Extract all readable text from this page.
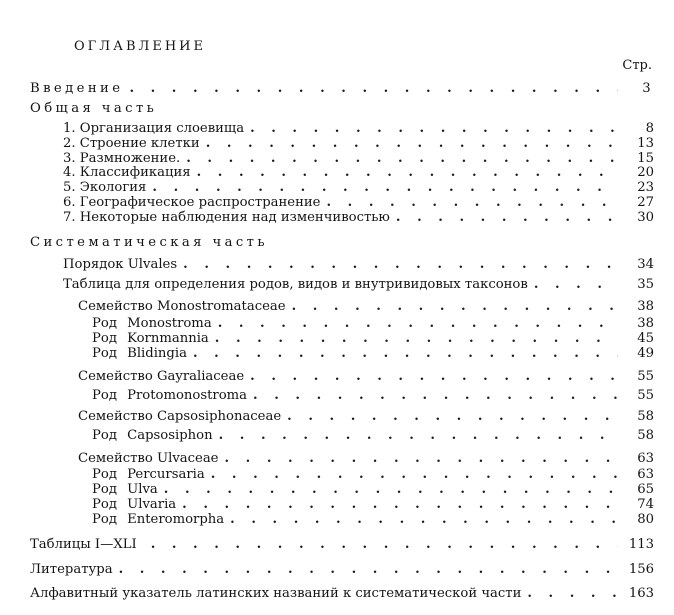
ОГЛАВЛЕНИЕ
Стр.
Введение . . .	3
Общая часть
1. Организация слоевища . . .	8
2. Строение клетки . . .	13
3. Размножение. . . .	15
4. Классификация . . .	20
5. Экология . . .	23
6. Географическое распространение . . .	27
7. Некоторые наблюдения над изменчивостью . . .	30
Систематическая часть
Порядок Ulvales . . .	34
Таблица для определения родов, видов и внутривидовых таксонов . . .	35
Семейство Monostromataceae . . .	38
Род Monostroma . . .	38
Род Kornmannia . . .	45
Род Blidingia . . .	49
Семейство Gayraliaceae . . .	55
Род Protomonostroma . . .	55
Семейство Capsosiphonaceae . . .	58
Род Capsosiphon . . .	58
Семейство Ulvaceae . . .	63
Род Percursaria . . .	63
Род Ulva . . .	65
Род Ulvaria . . .	74
Род Enteromorpha . . .	80
Таблицы I—XLI . . .	113
Литература . . .	156
Алфавитный указатель латинских названий к систематической части . . .	163
